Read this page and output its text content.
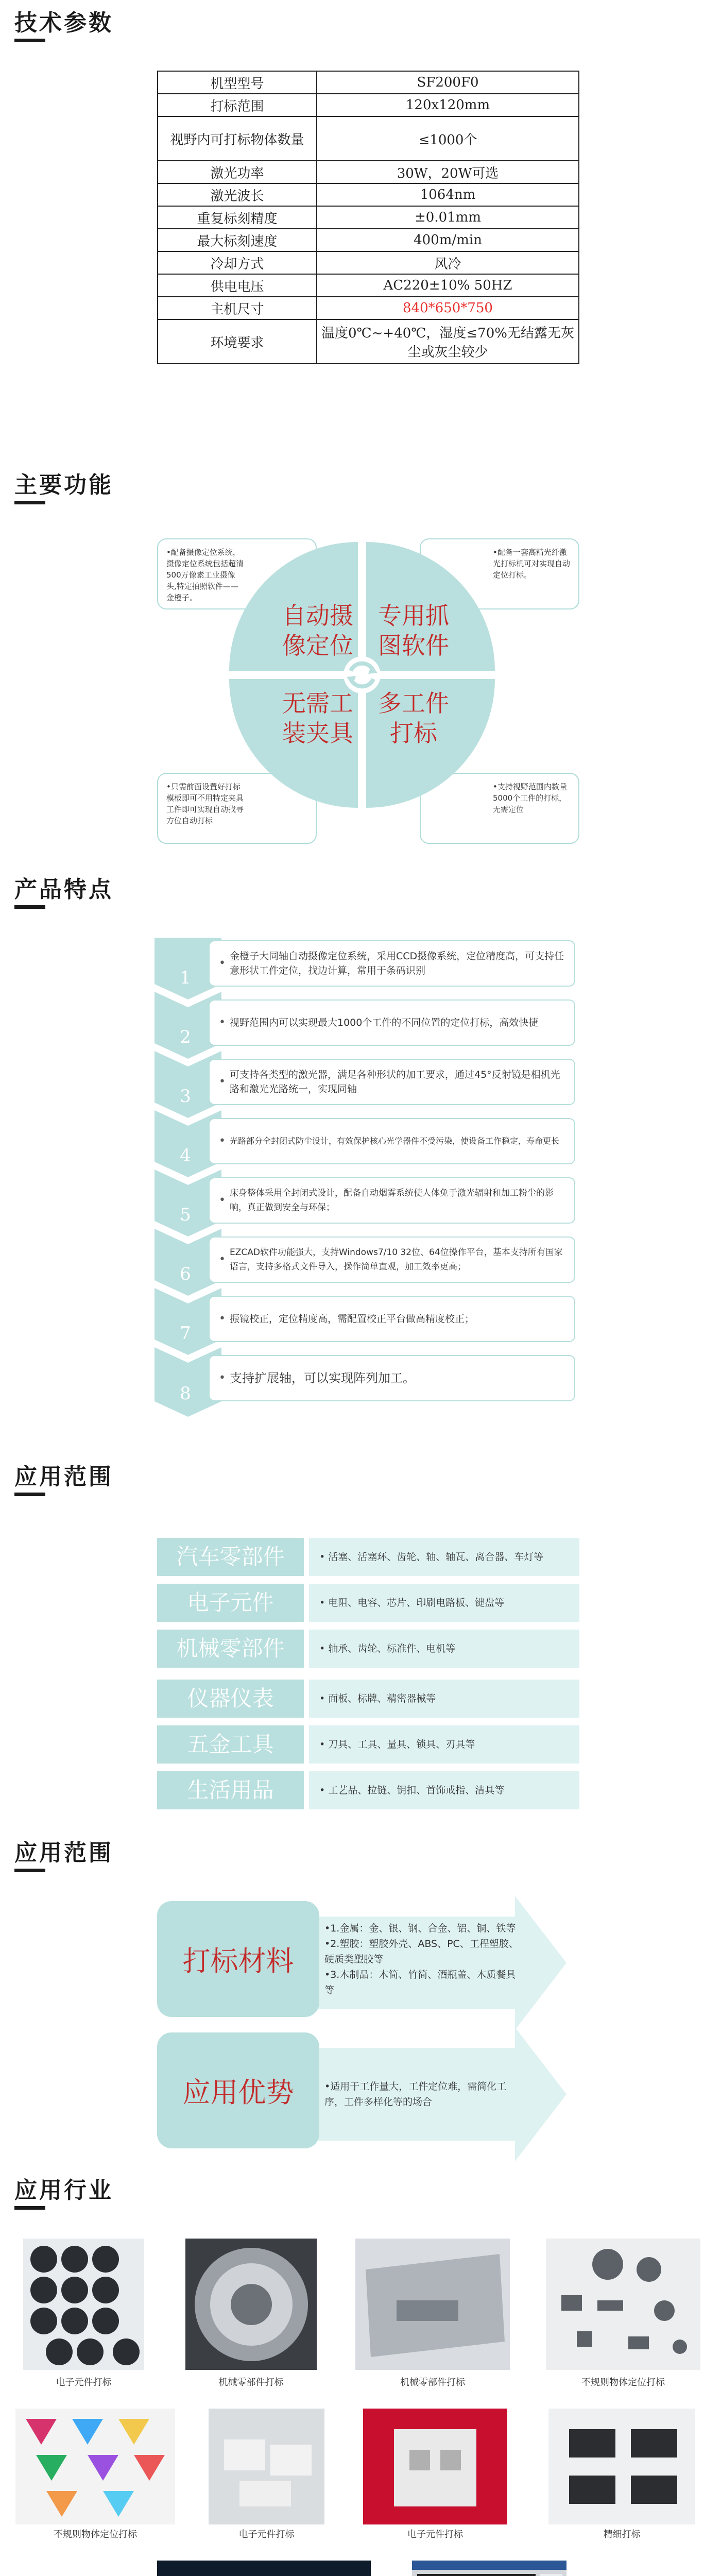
技术参数
机型型号	SF200F0
打标范围	120x120mm
视野内可打标物体数量	≤1000个
激光功率	30W，20W可选
激光波长	1064nm
重复标刻精度	±0.01mm
最大标刻速度	400m/min
冷却方式	风冷
供电电压	AC220±10% 50HZ
主机尺寸	840*650*750
环境要求	温度0℃~+40℃，湿度≤70%无结露无灰尘或灰尘较少
主要功能
•配备摄像定位系统，摄像定位系统包括超清500万像素工业摄像头,特定拍照软件——金橙子。
•配备一套高精光纤激光打标机可对实现自动定位打标。
•只需前面设置好打标模板即可不用特定夹具工件即可实现自动找寻方位自动打标
•支持视野范围内数量5000个工件的打标，无需定位
自动摄像定位
专用抓图软件
无需工装夹具
多工件打标
产品特点
1
2
3
4
5
6
7
8
•
金橙子大同轴自动摄像定位系统，采用CCD摄像系统，定位精度高，可支持任意形状工件定位，找边计算，常用于条码识别
• 视野范围内可以实现最大1000个工件的不同位置的定位打标，高效快捷
•
可支持各类型的激光器，满足各种形状的加工要求，通过45°反射镜是相机光路和激光光路统一，实现同轴
• 光路部分全封闭式防尘设计，有效保护核心光学器件不受污染，使设备工作稳定，寿命更长
•
床身整体采用全封闭式设计，配备自动烟雾系统使人体免于激光辐射和加工粉尘的影响，真正做到安全与环保；
•
EZCAD软件功能强大，支持Windows7/10 32位、64位操作平台，基本支持所有国家语言，支持多格式文件导入，操作简单直观，加工效率更高；
• 振镜校正，定位精度高，需配置校正平台做高精度校正；
• 支持扩展轴，可以实现阵列加工。
应用范围
汽车零部件	• 活塞、活塞环、齿轮、轴、轴瓦、离合器、车灯等
电子元件	• 电阻、电容、芯片、印刷电路板、键盘等
机械零部件	• 轴承、齿轮、标准件、电机等
仪器仪表	• 面板、标牌、精密器械等
五金工具	• 刀具、工具、量具、锁具、刃具等
生活用品	• 工艺品、拉链、钥扣、首饰戒指、洁具等
应用范围
打标材料
应用优势
•1.金属：金、银、钢、合金、铝、铜、铁等
•2.塑胶：塑胶外壳、ABS、PC、工程塑胶、硬质类塑胶等
•3.木制品：木简、竹简、酒瓶盖、木质餐具等
•适用于工作量大，工件定位难，需简化工序，工件多样化等的场合
应用行业
电子元件打标	机械零部件打标	机械零部件打标	不规则物体定位打标
不规则物体定位打标	电子元件打标	电子元件打标	精细打标
